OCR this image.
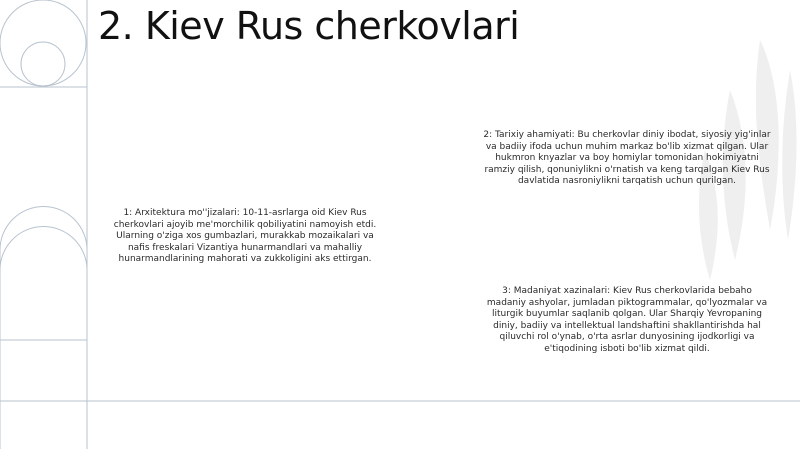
2. Kiev Rus cherkovlari
1: Arxitektura mo''jizalari: 10-11-asrlarga oid Kiev Rus cherkovlari ajoyib me'morchilik qobiliyatini namoyish etdi. Ularning o'ziga xos gumbazlari, murakkab mozaikalari va nafis freskalari Vizantiya hunarmandlari va mahalliy hunarmandlarining mahorati va zukkoligini aks ettirgan.
2: Tarixiy ahamiyati: Bu cherkovlar diniy ibodat, siyosiy yig'inlar va badiiy ifoda uchun muhim markaz bo'lib xizmat qilgan. Ular hukmron knyazlar va boy homiylar tomonidan hokimiyatni ramziy qilish, qonuniylikni o'rnatish va keng tarqalgan Kiev Rus davlatida nasroniylikni tarqatish uchun qurilgan.
3: Madaniyat xazinalari: Kiev Rus cherkovlarida bebaho madaniy ashyolar, jumladan piktogrammalar, qo'lyozmalar va liturgik buyumlar saqlanib qolgan. Ular Sharqiy Yevropaning diniy, badiiy va intellektual landshaftini shakllantirishda hal qiluvchi rol o'ynab, o'rta asrlar dunyosining ijodkorligi va e'tiqodining isboti bo'lib xizmat qildi.
